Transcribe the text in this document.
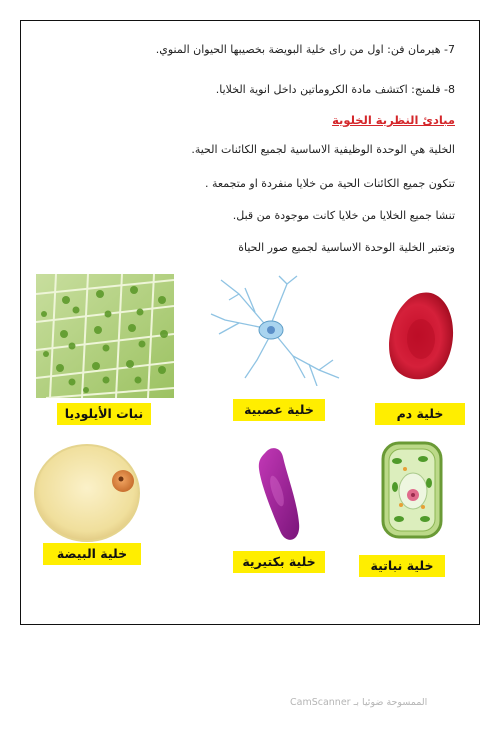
7- هيرمان فن: اول من راى خلية البويضة بخصيبها الحيوان المنوي.
8- فلمنج: اكتشف مادة الكروماتين داخل انوية الخلايا.
مبادئ النظرية الخلوية
الخلية هي الوحدة الوظيفية الاساسية لجميع الكائنات الحية.
تتكون جميع الكائنات الحية من خلايا منفردة او متجمعة .
تنشا جميع الخلايا من خلايا كانت موجودة من قبل.
وتعتبر الخلية الوحدة الاساسية لجميع صور الحياة
نبات الأيلوديا	خلية عصبية	خلية دم
خلية البيضة
خلية بكتيرية	خلية نباتية
الممسوحة ضوئيا بـ CamScanner
